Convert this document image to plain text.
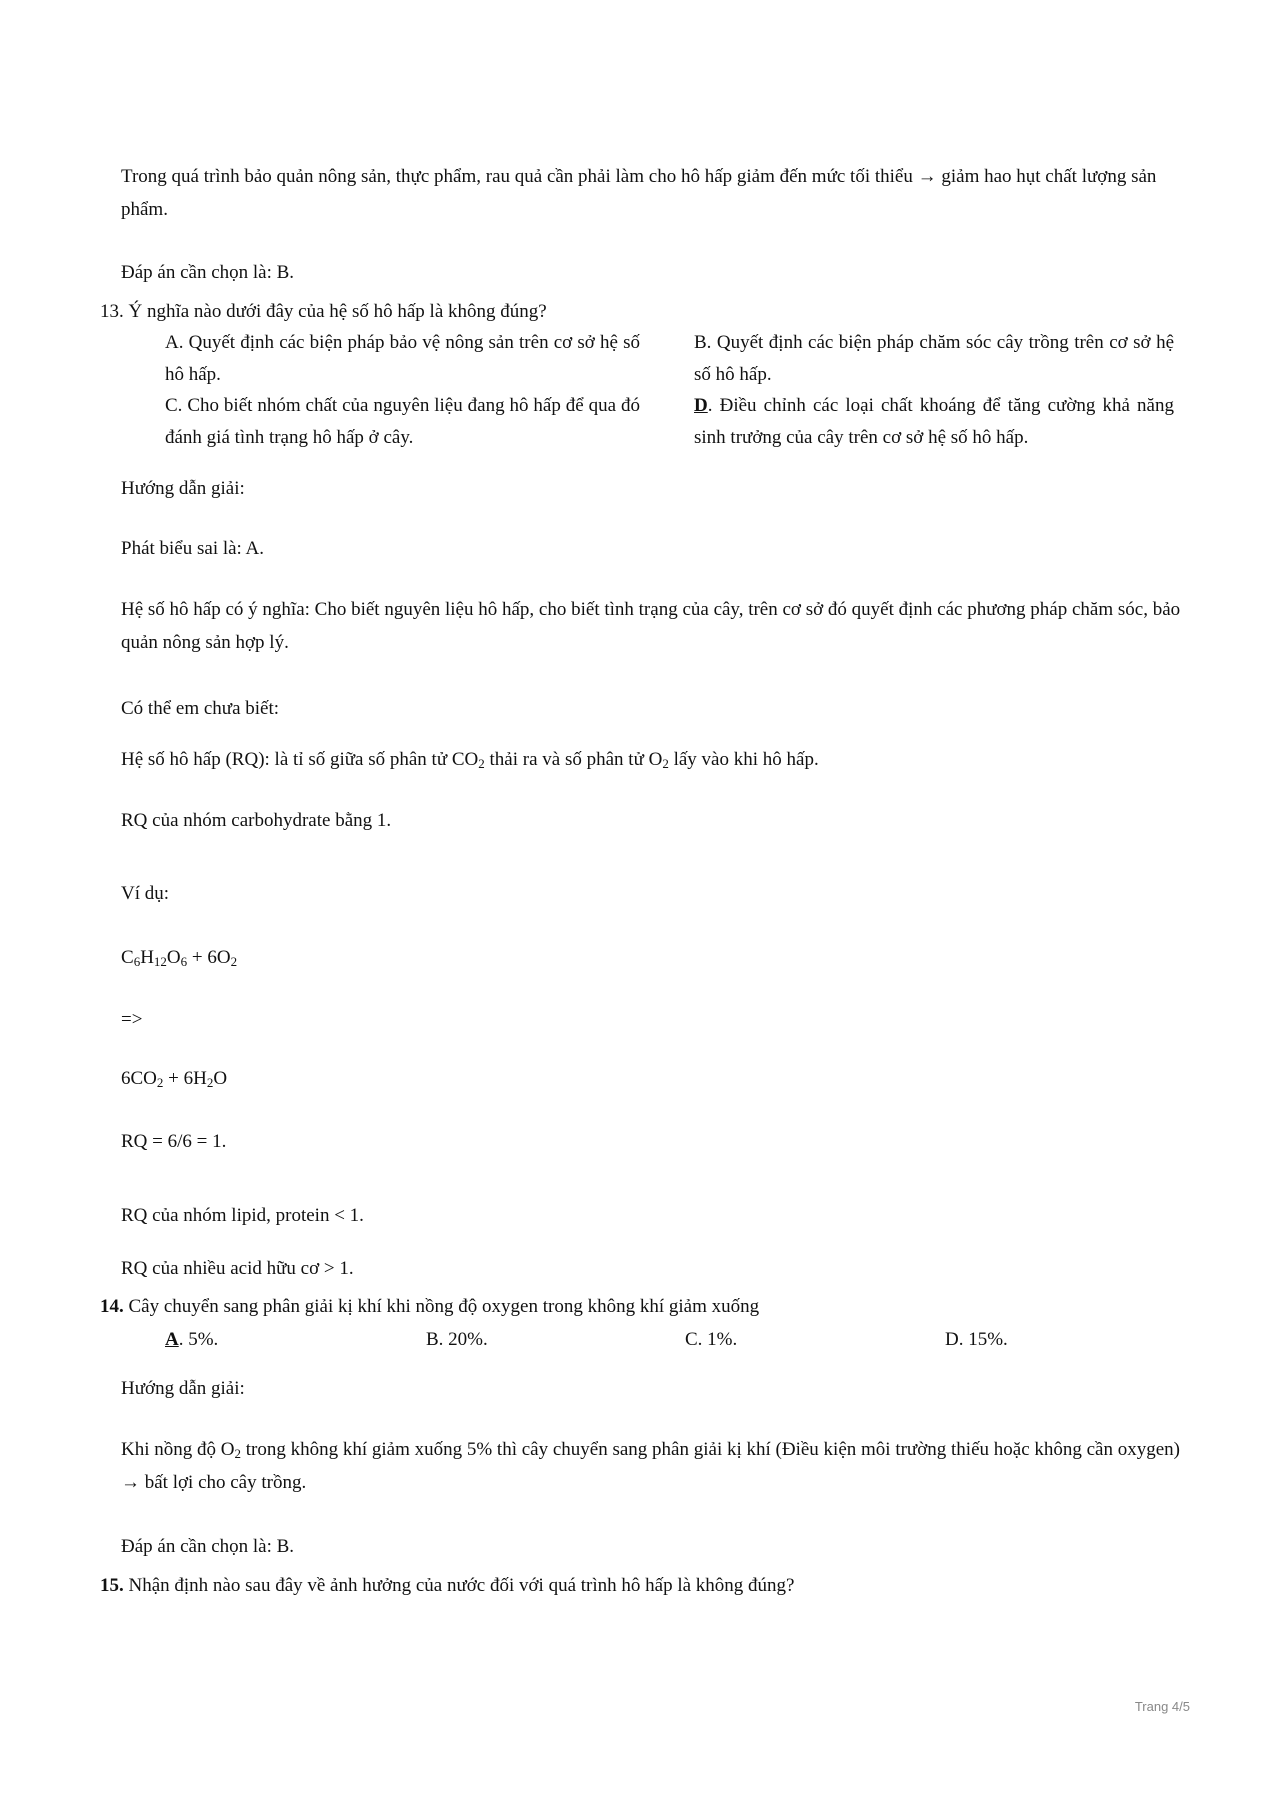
Trong quá trình bảo quản nông sản, thực phẩm, rau quả cần phải làm cho hô hấp giảm đến mức tối thiểu → giảm hao hụt chất lượng sản phẩm.

Đáp án cần chọn là: B.

13. Ý nghĩa nào dưới đây của hệ số hô hấp là không đúng?

A. Quyết định các biện pháp bảo vệ nông sản trên cơ sở hệ số hô hấp.

B. Quyết định các biện pháp chăm sóc cây trồng trên cơ sở hệ số hô hấp.

C. Cho biết nhóm chất của nguyên liệu đang hô hấp để qua đó đánh giá tình trạng hô hấp ở cây.

D. Điều chỉnh các loại chất khoáng để tăng cường khả năng sinh trưởng của cây trên cơ sở hệ số hô hấp.

Hướng dẫn giải:

Phát biểu sai là: A.

Hệ số hô hấp có ý nghĩa: Cho biết nguyên liệu hô hấp, cho biết tình trạng của cây, trên cơ sở đó quyết định các phương pháp chăm sóc, bảo quản nông sản hợp lý.

Có thể em chưa biết:

Hệ số hô hấp (RQ): là tỉ số giữa số phân tử $CO_2$ thải ra và số phân tử $O_2$ lấy vào khi hô hấp.

RQ của nhóm carbohydrate bằng 1.

Ví dụ:

$C_6H_{12}O_6 + 6O_2$

=>

$6CO_2 + 6H_2O$

RQ = 6/6 = 1.

RQ của nhóm lipid, protein < 1.

RQ của nhiều acid hữu cơ > 1.

14. Cây chuyển sang phân giải kị khí khi nồng độ oxygen trong không khí giảm xuống

A. 5%.	B. 20%.	C. 1%.	D. 15%.

Hướng dẫn giải:

Khi nồng độ $O_2$ trong không khí giảm xuống 5% thì cây chuyển sang phân giải kị khí (Điều kiện môi trường thiếu hoặc không cần oxygen) → bất lợi cho cây trồng.

Đáp án cần chọn là: B.

15. Nhận định nào sau đây về ảnh hưởng của nước đối với quá trình hô hấp là không đúng?

Trang 4/5
